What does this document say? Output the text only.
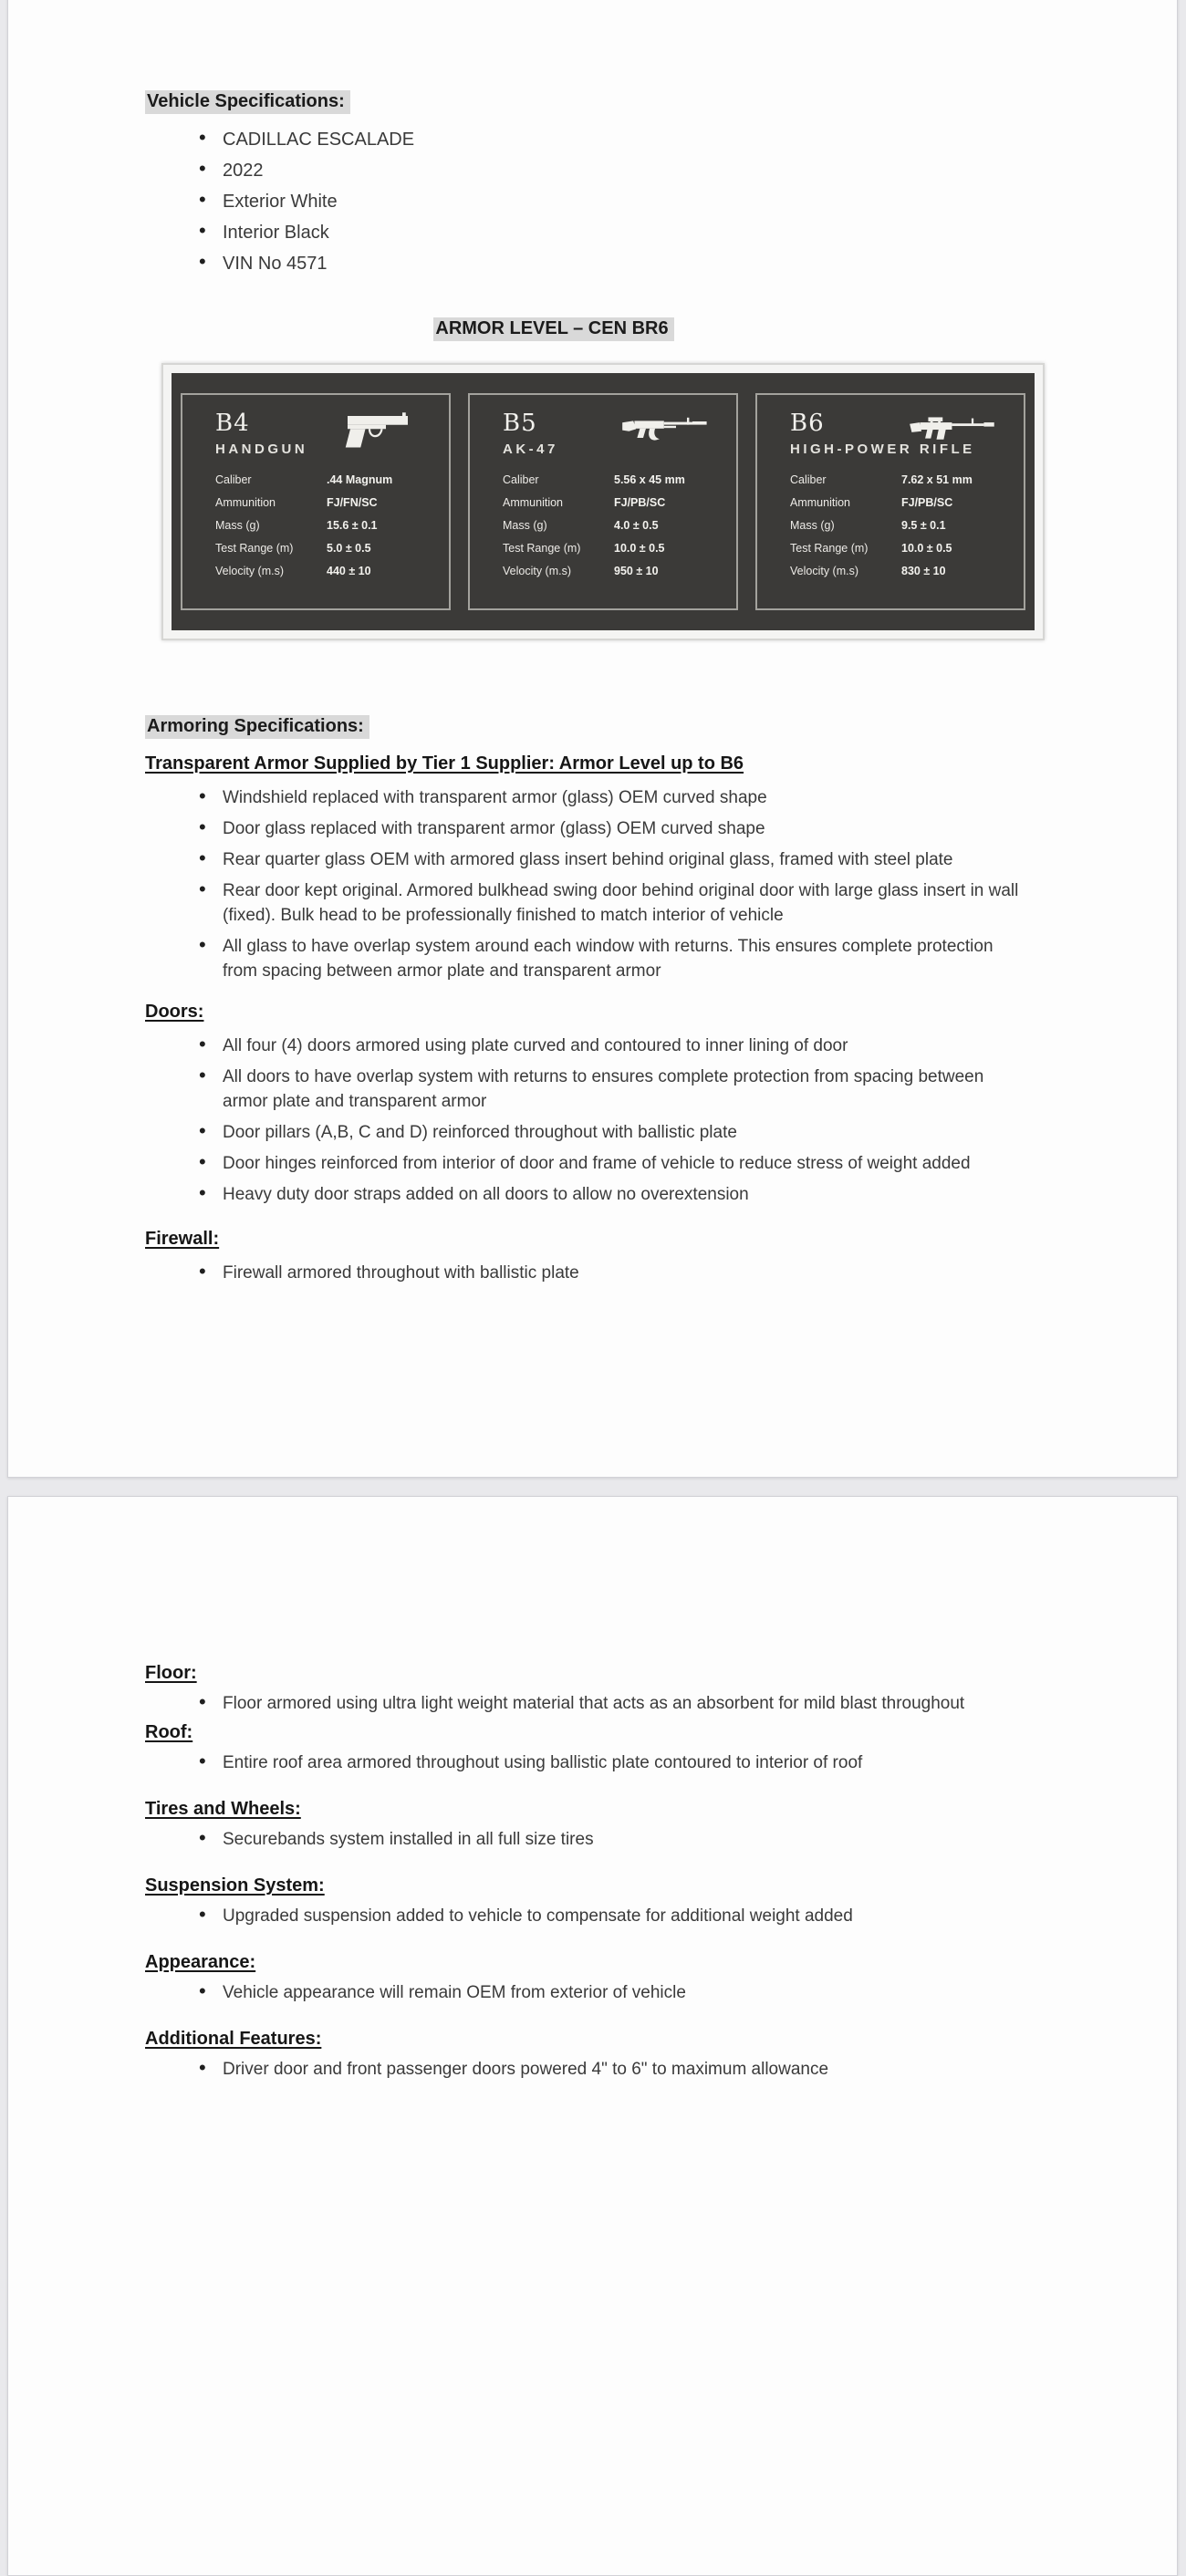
Vehicle Specifications:
• CADILLAC ESCALADE
• 2022
• Exterior White
• Interior Black
• VIN No 4571
ARMOR LEVEL – CEN BR6
B4
HANDGUN
Caliber	.44 Magnum
Ammunition	FJ/FN/SC
Mass (g)	15.6 ± 0.1
Test Range (m)	5.0 ± 0.5
Velocity (m.s)	440 ± 10
B5
AK-47
Caliber	5.56 x 45 mm
Ammunition	FJ/PB/SC
Mass (g)	4.0 ± 0.5
Test Range (m)	10.0 ± 0.5
Velocity (m.s)	950 ± 10
B6
HIGH-POWER RIFLE
Caliber	7.62 x 51 mm
Ammunition	FJ/PB/SC
Mass (g)	9.5 ± 0.1
Test Range (m)	10.0 ± 0.5
Velocity (m.s)	830 ± 10
Armoring Specifications:
Transparent Armor Supplied by Tier 1 Supplier: Armor Level up to B6
• Windshield replaced with transparent armor (glass) OEM curved shape
• Door glass replaced with transparent armor (glass) OEM curved shape
• Rear quarter glass OEM with armored glass insert behind original glass, framed with steel plate
• Rear door kept original. Armored bulkhead swing door behind original door with large glass insert in wall (fixed). Bulk head to be professionally finished to match interior of vehicle
• All glass to have overlap system around each window with returns. This ensures complete protection from spacing between armor plate and transparent armor
Doors:
• All four (4) doors armored using plate curved and contoured to inner lining of door
• All doors to have overlap system with returns to ensures complete protection from spacing between armor plate and transparent armor
• Door pillars (A,B, C and D) reinforced throughout with ballistic plate
• Door hinges reinforced from interior of door and frame of vehicle to reduce stress of weight added
• Heavy duty door straps added on all doors to allow no overextension
Firewall:
• Firewall armored throughout with ballistic plate
Floor:
• Floor armored using ultra light weight material that acts as an absorbent for mild blast throughout
Roof:
• Entire roof area armored throughout using ballistic plate contoured to interior of roof
Tires and Wheels:
• Securebands system installed in all full size tires
Suspension System:
• Upgraded suspension added to vehicle to compensate for additional weight added
Appearance:
• Vehicle appearance will remain OEM from exterior of vehicle
Additional Features:
• Driver door and front passenger doors powered 4" to 6" to maximum allowance
